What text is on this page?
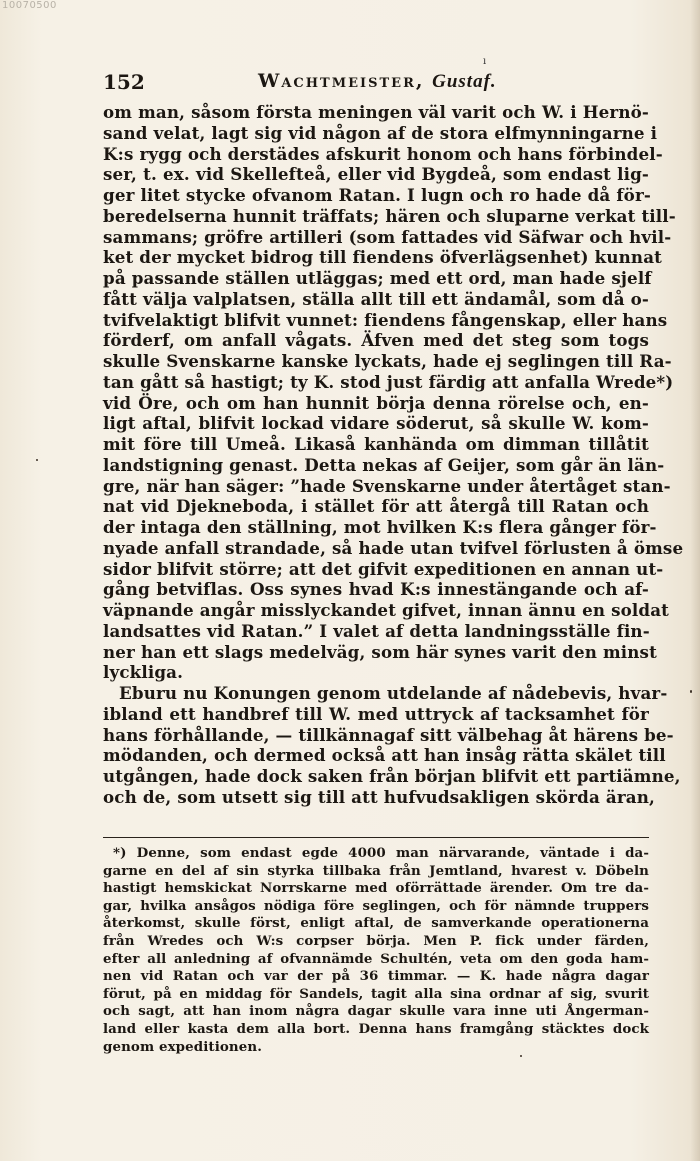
10070500
ı
152	Wachtmeister, Gustaf.
om man, såsom första meningen väl varit och W. i Hernö-
sand velat, lagt sig vid någon af de stora elfmynningarne i
K:s rygg och derstädes afskurit honom och hans förbindel-
ser, t. ex. vid Skellefteå, eller vid Bygdeå, som endast lig-
ger litet stycke ofvanom Ratan. I lugn och ro hade då för-
beredelserna hunnit träffats; hären och sluparne verkat till-
sammans; gröfre artilleri (som fattades vid Säfwar och hvil-
ket der mycket bidrog till fiendens öfverlägsenhet) kunnat
på passande ställen utläggas; med ett ord, man hade sjelf
fått välja valplatsen, ställa allt till ett ändamål, som då o-
tvifvelaktigt blifvit vunnet: fiendens fångenskap, eller hans
förderf, om anfall vågats. Äfven med det steg som togs
skulle Svenskarne kanske lyckats, hade ej seglingen till Ra-
tan gått så hastigt; ty K. stod just färdig att anfalla Wrede*)
vid Öre, och om han hunnit börja denna rörelse och, en-
ligt aftal, blifvit lockad vidare söderut, så skulle W. kom-
mit före till Umeå. Likaså kanhända om dimman tillåtit
landstigning genast. Detta nekas af Geijer, som går än län-
gre, när han säger: ”hade Svenskarne under återtåget stan-
nat vid Djekneboda, i stället för att återgå till Ratan och
der intaga den ställning, mot hvilken K:s flera gånger för-
nyade anfall strandade, så hade utan tvifvel förlusten å ömse
sidor blifvit större; att det gifvit expeditionen en annan ut-
gång betviflas. Oss synes hvad K:s innestängande och af-
väpnande angår misslyckandet gifvet, innan ännu en soldat
landsattes vid Ratan.” I valet af detta landningsställe fin-
ner han ett slags medelväg, som här synes varit den minst
lyckliga.
Eburu nu Konungen genom utdelande af nådebevis, hvar-
ibland ett handbref till W. med uttryck af tacksamhet för
hans förhållande, — tillkännagaf sitt välbehag åt härens be-
mödanden, och dermed också att han insåg rätta skälet till
utgången, hade dock saken från början blifvit ett partiämne,
och de, som utsett sig till att hufvudsakligen skörda äran,
*) Denne, som endast egde 4000 man närvarande, väntade i da-
garne en del af sin styrka tillbaka från Jemtland, hvarest v. Döbeln
hastigt hemskickat Norrskarne med oförrättade ärender. Om tre da-
gar, hvilka ansågos nödiga före seglingen, och för nämnde truppers
återkomst, skulle först, enligt aftal, de samverkande operationerna
från Wredes och W:s corpser börja. Men P. fick under färden,
efter all anledning af ofvannämde Schultén, veta om den goda ham-
nen vid Ratan och var der på 36 timmar. — K. hade några dagar
förut, på en middag för Sandels, tagit alla sina ordnar af sig, svurit
och sagt, att han inom några dagar skulle vara inne uti Ångerman-
land eller kasta dem alla bort. Denna hans framgång stäcktes dock
genom expeditionen.
